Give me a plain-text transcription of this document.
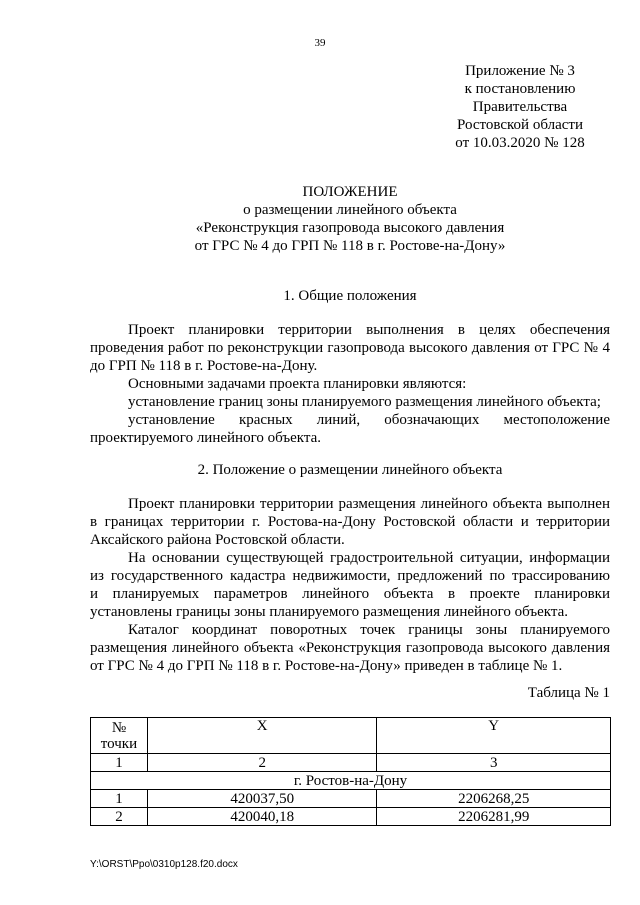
39
Приложение № 3
к постановлению
Правительства
Ростовской области
от 10.03.2020 № 128
ПОЛОЖЕНИЕ
о размещении линейного объекта
«Реконструкция газопровода высокого давления
от ГРС № 4 до ГРП № 118 в г. Ростове-на-Дону»
1. Общие положения
Проект планировки территории выполнения в целях обеспечения
проведения работ по реконструкции газопровода высокого давления от ГРС № 4
до ГРП № 118 в г. Ростове-на-Дону.
Основными задачами проекта планировки являются:
установление границ зоны планируемого размещения линейного объекта;
установление красных линий, обозначающих местоположение
проектируемого линейного объекта.
2. Положение о размещении линейного объекта
Проект планировки территории размещения линейного объекта выполнен
в границах территории г. Ростова-на-Дону Ростовской области и территории
Аксайского района Ростовской области.
На основании существующей градостроительной ситуации, информации
из государственного кадастра недвижимости, предложений по трассированию
и планируемых параметров линейного объекта в проекте планировки
установлены границы зоны планируемого размещения линейного объекта.
Каталог координат поворотных точек границы зоны планируемого
размещения линейного объекта «Реконструкция газопровода высокого давления
от ГРС № 4 до ГРП № 118 в г. Ростове-на-Дону» приведен в таблице № 1.
Таблица № 1
№
точки	X	Y
1	2	3
г. Ростов-на-Дону		
1	420037,50	2206268,25
2	420040,18	2206281,99
Y:\ORST\Ppo\0310p128.f20.docx
